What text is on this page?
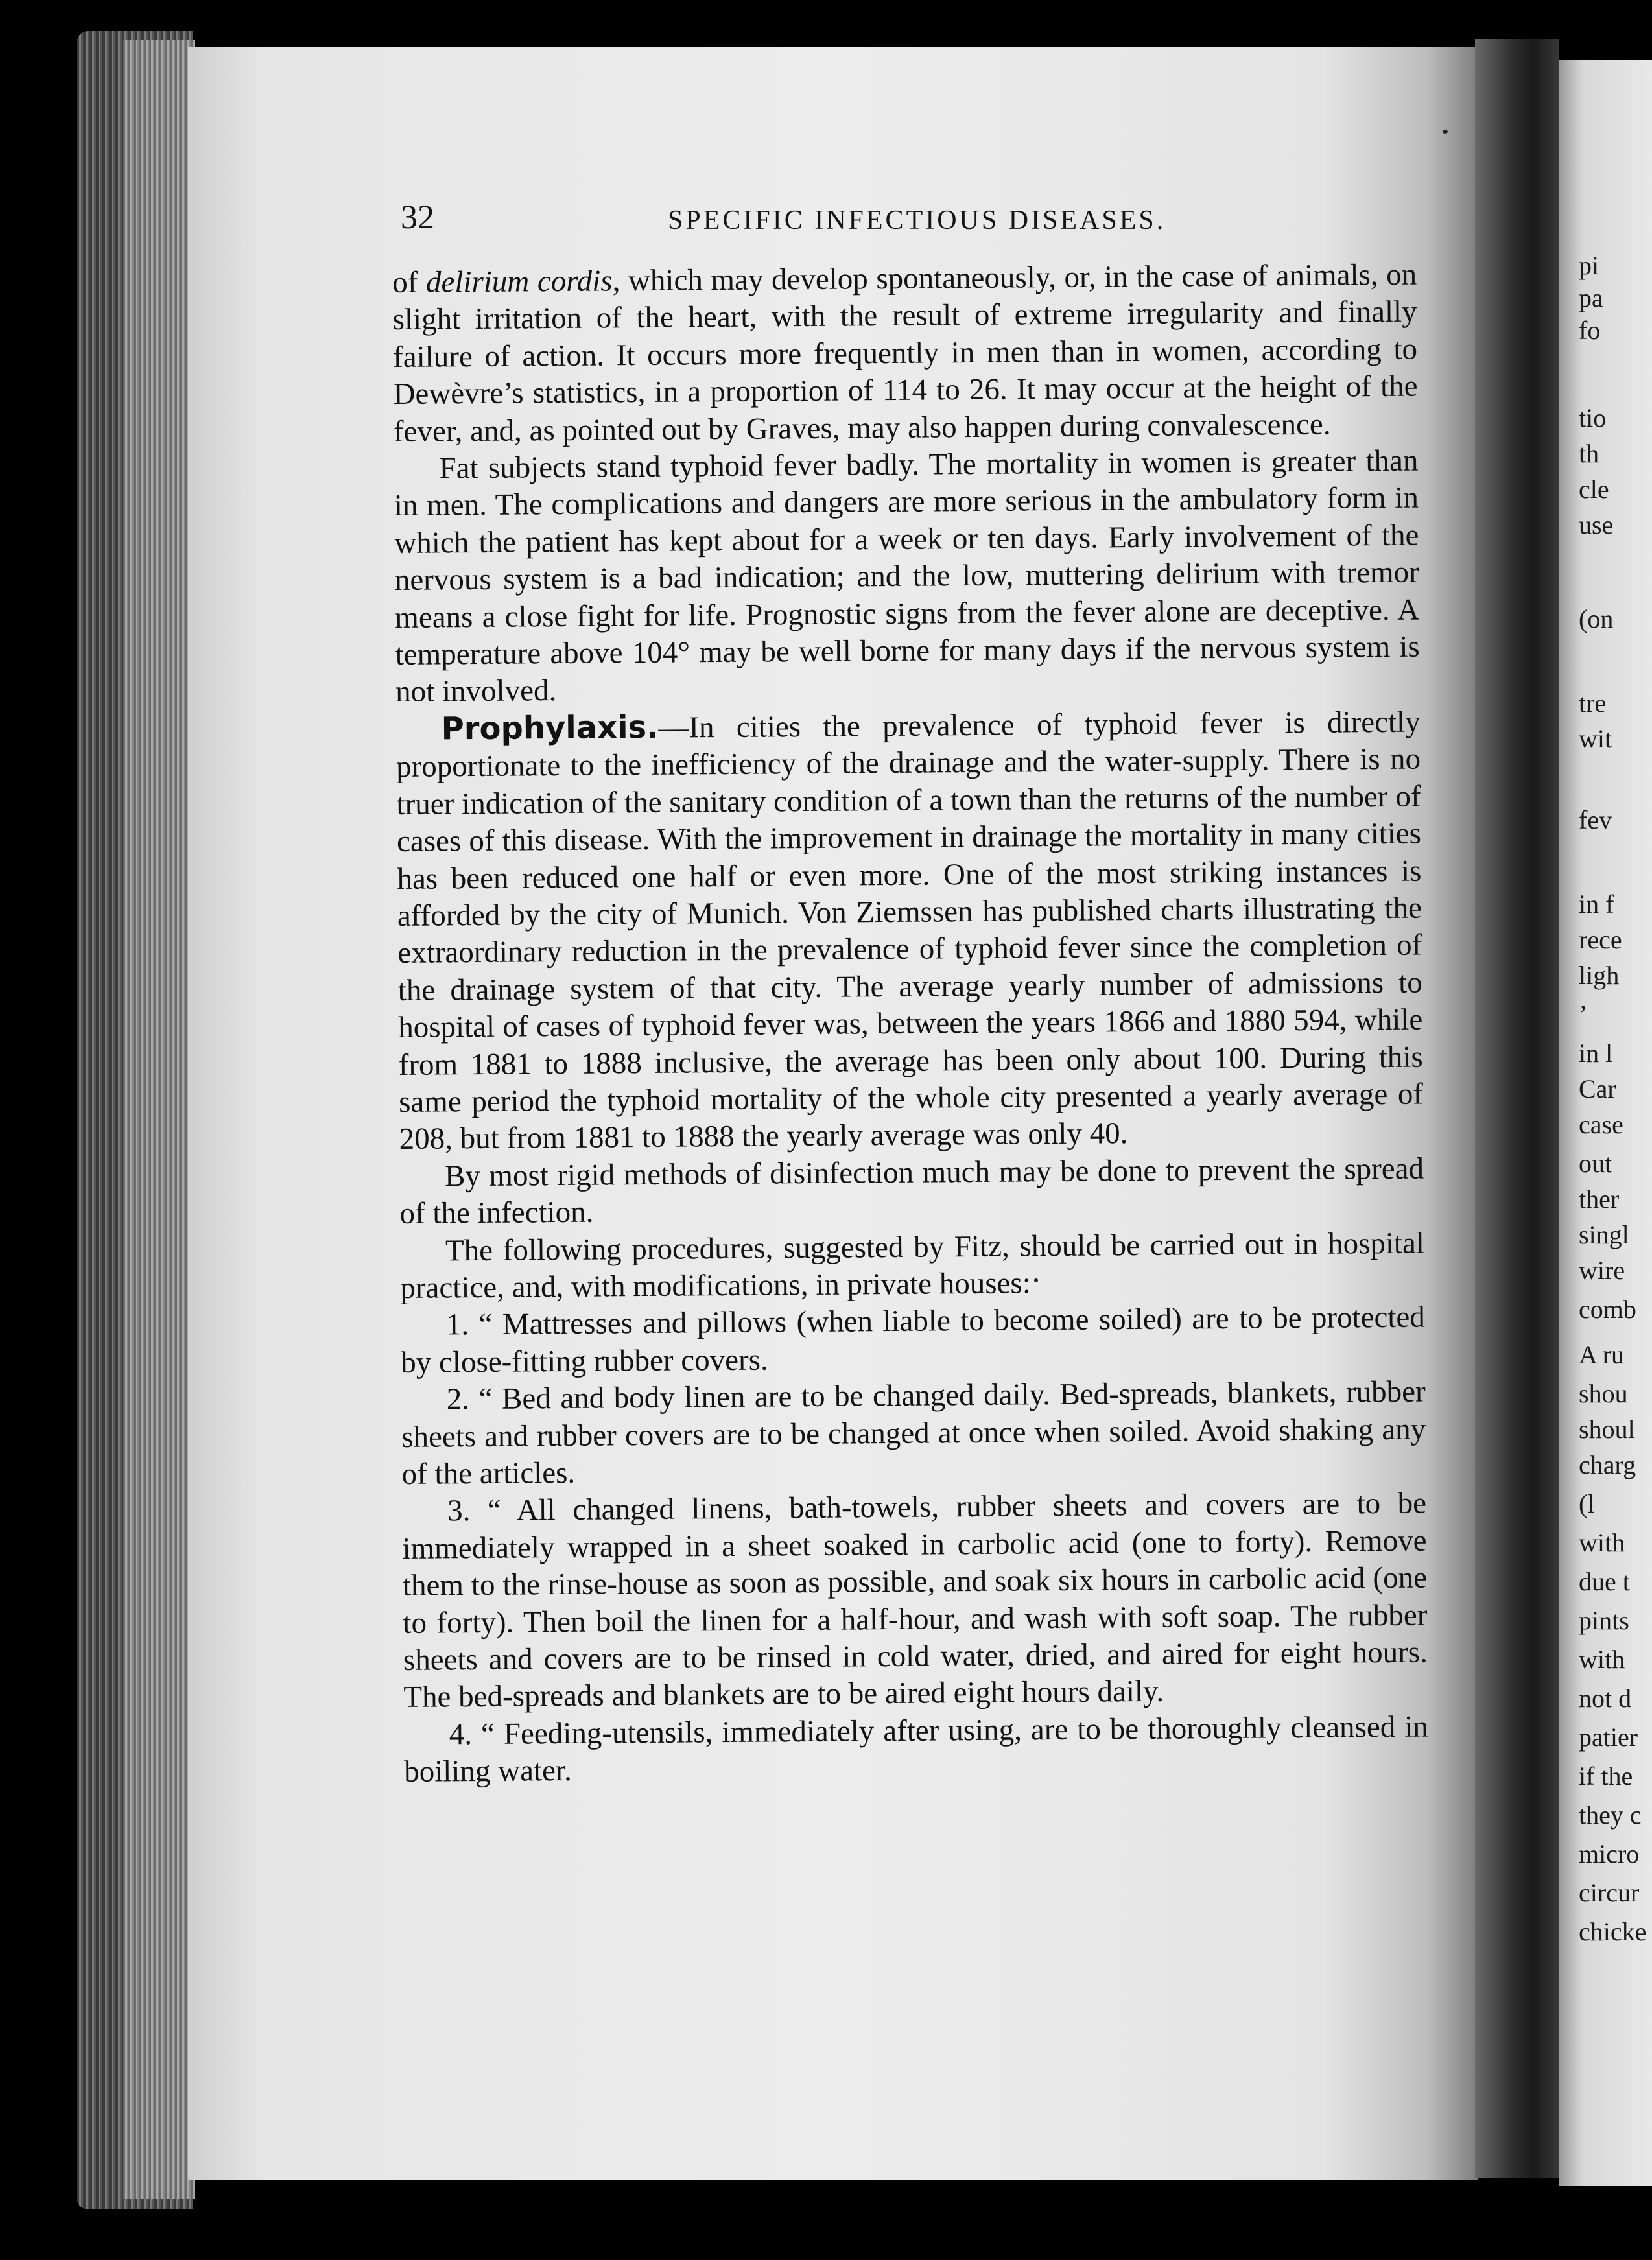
pi
pa
fo
tio
th
cle
use
(on
tre
wit
fev
in f
rece
ligh
’
in l
Car
case
out
ther
singl
wire
comb
A ru
shou
shoul
charg
(l
with
due t
pints
with
not d
patier
if the
they c
micro
circur
chicke
32	SPECIFIC INFECTIOUS DISEASES.

of delirium cordis, which may develop spontaneously, or, in the case of animals, on slight irritation of the heart, with the result of extreme irregularity and finally failure of action. It occurs more frequently in men than in women, according to Dewèvre’s statistics, in a proportion of 114 to 26. It may occur at the height of the fever, and, as pointed out by Graves, may also happen during convalescence.

Fat subjects stand typhoid fever badly. The mortality in women is greater than in men. The complications and dangers are more serious in the ambulatory form in which the patient has kept about for a week or ten days. Early involvement of the nervous system is a bad indication; and the low, muttering delirium with tremor means a close fight for life. Prognostic signs from the fever alone are deceptive. A temperature above 104° may be well borne for many days if the nervous system is not involved.

Prophylaxis.—In cities the prevalence of typhoid fever is directly proportionate to the inefficiency of the drainage and the water-supply. There is no truer indication of the sanitary condition of a town than the returns of the number of cases of this disease. With the improvement in drainage the mortality in many cities has been reduced one half or even more. One of the most striking instances is afforded by the city of Munich. Von Ziemssen has published charts illustrating the extraordinary reduction in the prevalence of typhoid fever since the completion of the drainage system of that city. The average yearly number of admissions to hospital of cases of typhoid fever was, between the years 1866 and 1880 594, while from 1881 to 1888 inclusive, the average has been only about 100. During this same period the typhoid mortality of the whole city presented a yearly average of 208, but from 1881 to 1888 the yearly average was only 40.

By most rigid methods of disinfection much may be done to prevent the spread of the infection.

The following procedures, suggested by Fitz, should be carried out in hospital practice, and, with modifications, in private houses:

1. “ Mattresses and pillows (when liable to become soiled) are to be protected by close-fitting rubber covers.

2. “ Bed and body linen are to be changed daily. Bed-spreads, blankets, rubber sheets and rubber covers are to be changed at once when soiled. Avoid shaking any of the articles.

3. “ All changed linens, bath-towels, rubber sheets and covers are to be immediately wrapped in a sheet soaked in carbolic acid (one to forty). Remove them to the rinse-house as soon as possible, and soak six hours in carbolic acid (one to forty). Then boil the linen for a half-hour, and wash with soft soap. The rubber sheets and covers are to be rinsed in cold water, dried, and aired for eight hours. The bed-spreads and blankets are to be aired eight hours daily.

4. “ Feeding-utensils, immediately after using, are to be thoroughly cleansed in boiling water.
